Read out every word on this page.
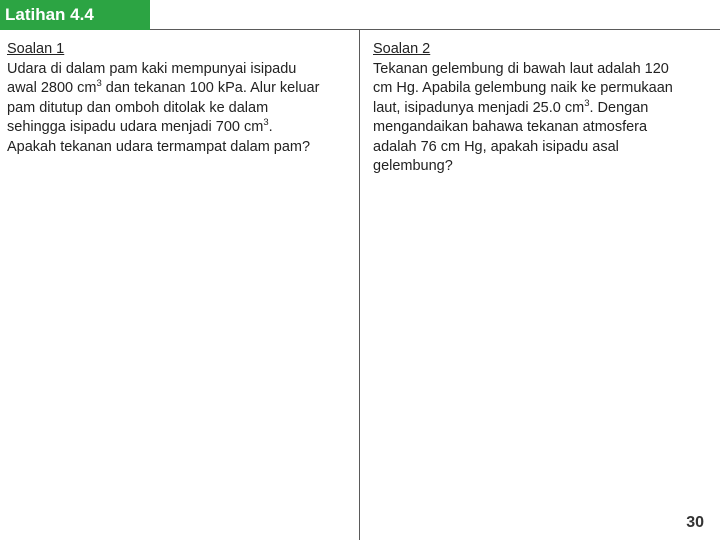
Latihan 4.4
Soalan 1
Udara di dalam pam kaki mempunyai isipadu
awal 2800 $cm^3$ dan tekanan 100 kPa. Alur keluar
pam ditutup dan omboh ditolak ke dalam
sehingga isipadu udara menjadi 700 $cm^3$.
Apakah tekanan udara termampat dalam pam?
Soalan 2
Tekanan gelembung di bawah laut adalah 120
cm Hg. Apabila gelembung naik ke permukaan
laut, isipadunya menjadi 25.0 $cm^3$. Dengan
mengandaikan bahawa tekanan atmosfera
adalah 76 cm Hg, apakah isipadu asal
gelembung?
30
